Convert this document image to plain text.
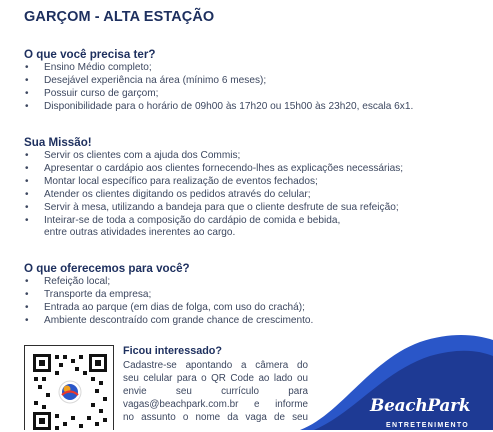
GARÇOM - ALTA ESTAÇÃO
O que você precisa ter?
• Ensino Médio completo;
• Desejável experiência na área (mínimo 6 meses);
• Possuir curso de garçom;
• Disponibilidade para o horário de 09h00 às 17h20 ou 15h00 às 23h20, escala 6x1.
Sua Missão!
• Servir os clientes com a ajuda dos Commis;
• Apresentar o cardápio aos clientes fornecendo-lhes as explicações necessárias;
• Montar local específico para realização de eventos fechados;
• Atender os clientes digitando os pedidos através do celular;
• Servir à mesa, utilizando a bandeja para que o cliente desfrute de sua refeição;
• Inteirar-se de toda a composição do cardápio de comida e bebida,
entre outras atividades inerentes ao cargo.
O que oferecemos para você?
• Refeição local;
• Transporte da empresa;
• Entrada ao parque (em dias de folga, com uso do crachá);
• Ambiente descontraído com grande chance de crescimento.
Ficou interessado?

Cadastre-se apontando a câmera do

seu celular para o QR Code ao lado ou

envie seu currículo para

vagas@beachpark.com.br e informe

no assunto o nome da vaga de seu

BeachPark
ENTRETENIMENTO
